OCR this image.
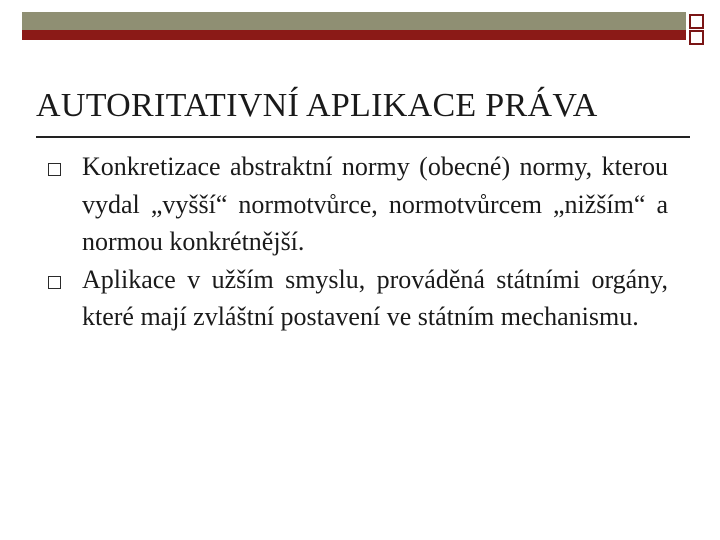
AUTORITATIVNÍ APLIKACE PRÁVA
Konkretizace abstraktní normy (obecné) normy, kterou vydal „vyšší“ normotvůrce, normotvůrcem „nižším“ a normou konkrétnější.
Aplikace v užším smyslu, prováděná státními orgány, které mají zvláštní postavení ve státním mechanismu.
